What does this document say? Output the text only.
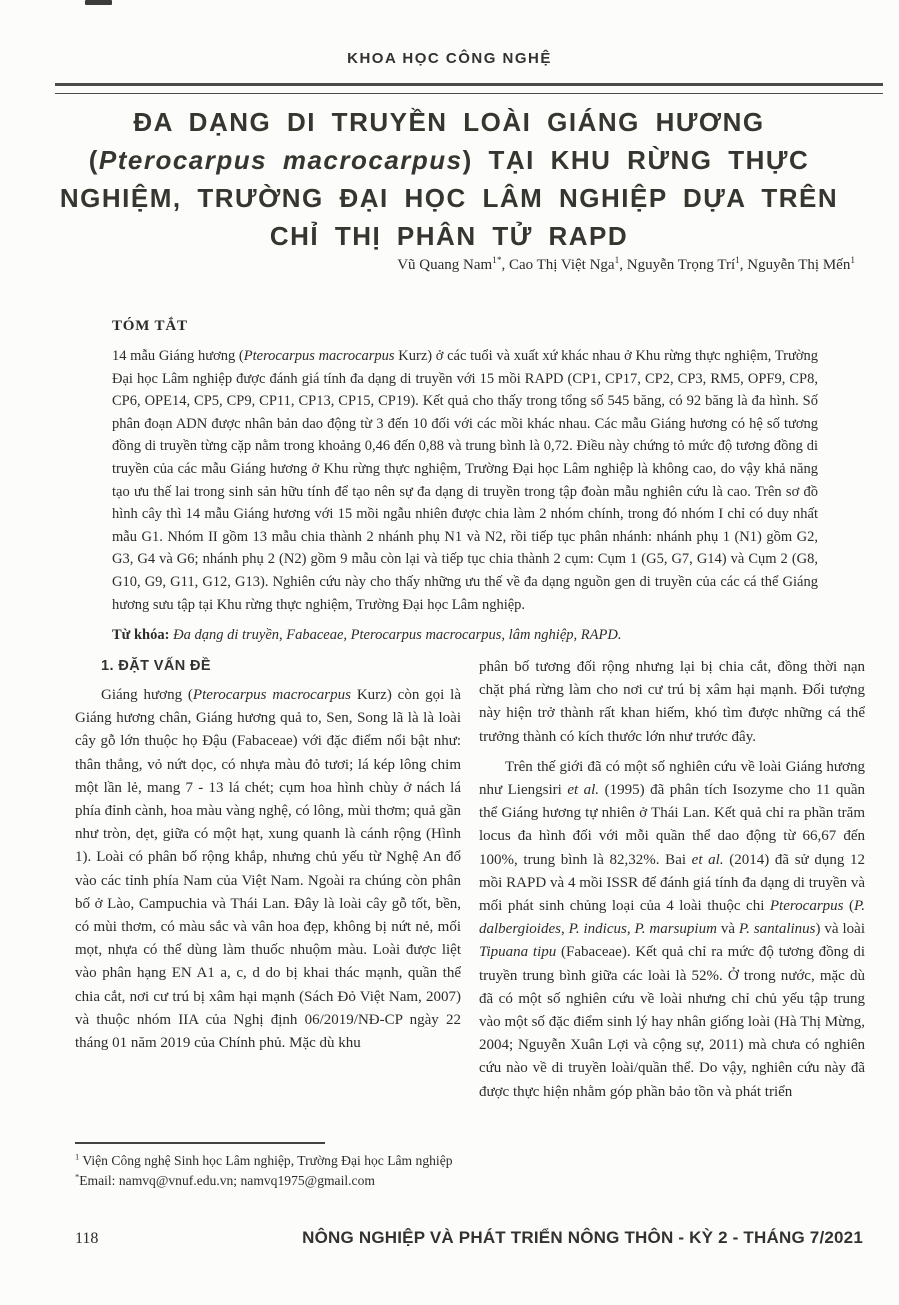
KHOA HỌC CÔNG NGHỆ
ĐA DẠNG DI TRUYỀN LOÀI GIÁNG HƯƠNG (Pterocarpus macrocarpus) TẠI KHU RỪNG THỰC NGHIỆM, TRƯỜNG ĐẠI HỌC LÂM NGHIỆP DỰA TRÊN CHỈ THỊ PHÂN TỬ RAPD
Vũ Quang Nam$^{1*}$, Cao Thị Việt Nga$^1$, Nguyễn Trọng Trí$^1$, Nguyễn Thị Mến$^1$
TÓM TẮT

14 mẫu Giáng hương (Pterocarpus macrocarpus Kurz) ở các tuổi và xuất xứ khác nhau ở Khu rừng thực nghiệm, Trường Đại học Lâm nghiệp được đánh giá tính đa dạng di truyền với 15 mồi RAPD (CP1, CP17, CP2, CP3, RM5, OPF9, CP8, CP6, OPE14, CP5, CP9, CP11, CP13, CP15, CP19). Kết quả cho thấy trong tổng số 545 băng, có 92 băng là đa hình. Số phân đoạn ADN được nhân bản dao động từ 3 đến 10 đối với các mồi khác nhau. Các mẫu Giáng hương có hệ số tương đồng di truyền từng cặp nằm trong khoảng 0,46 đến 0,88 và trung bình là 0,72. Điều này chứng tỏ mức độ tương đồng di truyền của các mẫu Giáng hương ở Khu rừng thực nghiệm, Trường Đại học Lâm nghiệp là không cao, do vậy khả năng tạo ưu thế lai trong sinh sản hữu tính để tạo nên sự đa dạng di truyền trong tập đoàn mẫu nghiên cứu là cao. Trên sơ đồ hình cây thì 14 mẫu Giáng hương với 15 mồi ngẫu nhiên được chia làm 2 nhóm chính, trong đó nhóm I chỉ có duy nhất mẫu G1. Nhóm II gồm 13 mẫu chia thành 2 nhánh phụ N1 và N2, rồi tiếp tục phân nhánh: nhánh phụ 1 (N1) gồm G2, G3, G4 và G6; nhánh phụ 2 (N2) gồm 9 mẫu còn lại và tiếp tục chia thành 2 cụm: Cụm 1 (G5, G7, G14) và Cụm 2 (G8, G10, G9, G11, G12, G13). Nghiên cứu này cho thấy những ưu thế về đa dạng nguồn gen di truyền của các cá thể Giáng hương sưu tập tại Khu rừng thực nghiệm, Trường Đại học Lâm nghiệp.

Từ khóa: Đa dạng di truyền, Fabaceae, Pterocarpus macrocarpus, lâm nghiệp, RAPD.

1. ĐẶT VẤN ĐỀ

Giáng hương (Pterocarpus macrocarpus Kurz) còn gọi là Giáng hương chân, Giáng hương quả to, Sen, Song lã là là loài cây gỗ lớn thuộc họ Đậu (Fabaceae) với đặc điểm nổi bật như: thân thẳng, vỏ nứt dọc, có nhựa màu đỏ tươi; lá kép lông chim một lần lẻ, mang 7 - 13 lá chét; cụm hoa hình chùy ở nách lá phía đỉnh cành, hoa màu vàng nghệ, có lông, mùi thơm; quả gần như tròn, dẹt, giữa có một hạt, xung quanh là cánh rộng (Hình 1). Loài có phân bố rộng khắp, nhưng chủ yếu từ Nghệ An đổ vào các tỉnh phía Nam của Việt Nam. Ngoài ra chúng còn phân bố ở Lào, Campuchia và Thái Lan. Đây là loài cây gỗ tốt, bền, có mùi thơm, có màu sắc và vân hoa đẹp, không bị nứt nẻ, mối mọt, nhựa có thể dùng làm thuốc nhuộm màu. Loài được liệt vào phân hạng EN A1 a, c, d do bị khai thác mạnh, quần thể chia cắt, nơi cư trú bị xâm hại mạnh (Sách Đỏ Việt Nam, 2007) và thuộc nhóm IIA của Nghị định 06/2019/NĐ-CP ngày 22 tháng 01 năm 2019 của Chính phủ. Mặc dù khu

phân bố tương đối rộng nhưng lại bị chia cắt, đồng thời nạn chặt phá rừng làm cho nơi cư trú bị xâm hại mạnh. Đối tượng này hiện trở thành rất khan hiếm, khó tìm được những cá thể trưởng thành có kích thước lớn như trước đây.

Trên thế giới đã có một số nghiên cứu về loài Giáng hương như Liengsiri et al. (1995) đã phân tích Isozyme cho 11 quần thể Giáng hương tự nhiên ở Thái Lan. Kết quả chỉ ra phần trăm locus đa hình đối với mỗi quần thể dao động từ 66,67 đến 100%, trung bình là 82,32%. Bai et al. (2014) đã sử dụng 12 mồi RAPD và 4 mồi ISSR để đánh giá tính đa dạng di truyền và mối phát sinh chủng loại của 4 loài thuộc chi Pterocarpus (P. dalbergioides, P. indicus, P. marsupium và P. santalinus) và loài Tipuana tipu (Fabaceae). Kết quả chỉ ra mức độ tương đồng di truyền trung bình giữa các loài là 52%. Ở trong nước, mặc dù đã có một số nghiên cứu về loài nhưng chỉ chủ yếu tập trung vào một số đặc điểm sinh lý hay nhân giống loài (Hà Thị Mừng, 2004; Nguyễn Xuân Lợi và cộng sự, 2011) mà chưa có nghiên cứu nào về di truyền loài/quần thể. Do vậy, nghiên cứu này đã được thực hiện nhằm góp phần bảo tồn và phát triển

$^1$ Viện Công nghệ Sinh học Lâm nghiệp, Trường Đại học Lâm nghiệp

*Email: namvq@vnuf.edu.vn; namvq1975@gmail.com

118	NÔNG NGHIỆP VÀ PHÁT TRIỂN NÔNG THÔN - KỲ 2 - THÁNG 7/2021
